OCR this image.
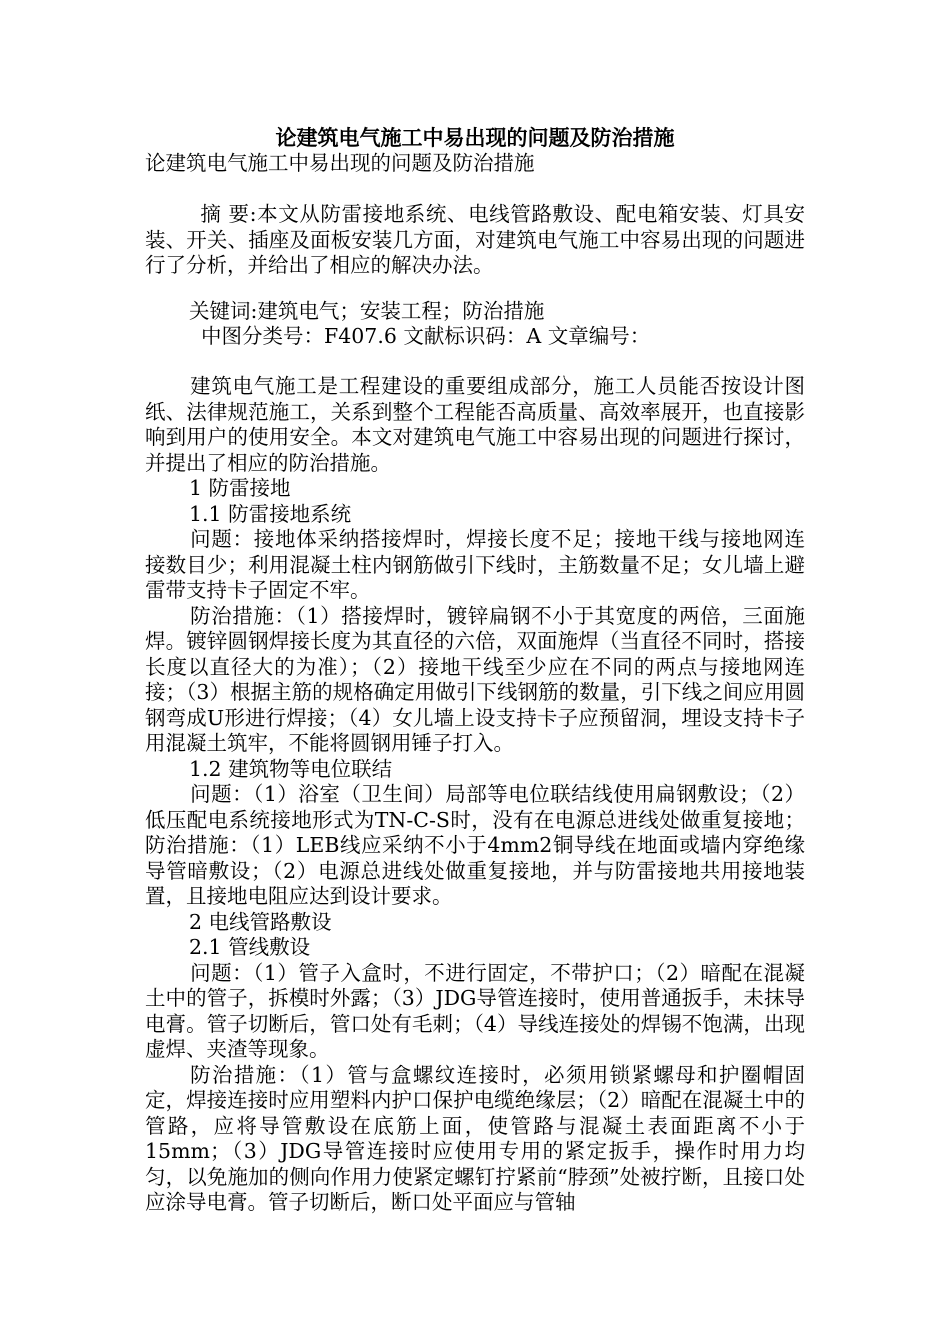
论建筑电气施工中易出现的问题及防治措施
论建筑电气施工中易出现的问题及防治措施

摘 要:本文从防雷接地系统、电线管路敷设、配电箱安装、灯具安装、开关、插座及面板安装几方面，对建筑电气施工中容易出现的问题进行了分析，并给出了相应的解决办法。

关键词:建筑电气；安装工程；防治措施
中图分类号：F407.6 文献标识码：A 文章编号：

建筑电气施工是工程建设的重要组成部分，施工人员能否按设计图纸、法律规范施工，关系到整个工程能否高质量、高效率展开，也直接影响到用户的使用安全。本文对建筑电气施工中容易出现的问题进行探讨，并提出了相应的防治措施。

1 防雷接地

1.1 防雷接地系统

问题：接地体采纳搭接焊时，焊接长度不足；接地干线与接地网连接数目少；利用混凝土柱内钢筋做引下线时，主筋数量不足；女儿墙上避雷带支持卡子固定不牢。

防治措施：（1）搭接焊时，镀锌扁钢不小于其宽度的两倍，三面施焊。镀锌圆钢焊接长度为其直径的六倍，双面施焊（当直径不同时，搭接长度以直径大的为准）；（2）接地干线至少应在不同的两点与接地网连接；（3）根据主筋的规格确定用做引下线钢筋的数量，引下线之间应用圆钢弯成U形进行焊接；（4）女儿墙上设支持卡子应预留洞，埋设支持卡子用混凝土筑牢，不能将圆钢用锤子打入。

1.2 建筑物等电位联结

问题：（1）浴室（卫生间）局部等电位联结线使用扁钢敷设；（2）低压配电系统接地形式为TN-C-S时，没有在电源总进线处做重复接地；防治措施：（1）LEB线应采纳不小于4mm2铜导线在地面或墙内穿绝缘导管暗敷设；（2）电源总进线处做重复接地，并与防雷接地共用接地装置，且接地电阻应达到设计要求。

2 电线管路敷设

2.1 管线敷设

问题：（1）管子入盒时，不进行固定，不带护口；（2）暗配在混凝土中的管子，拆模时外露；（3）JDG导管连接时，使用普通扳手，未抹导电膏。管子切断后，管口处有毛刺；（4）导线连接处的焊锡不饱满，出现虚焊、夹渣等现象。

防治措施：（1）管与盒螺纹连接时，必须用锁紧螺母和护圈帽固定，焊接连接时应用塑料内护口保护电缆绝缘层；（2）暗配在混凝土中的管路，应将导管敷设在底筋上面，使管路与混凝土表面距离不小于15mm；（3）JDG导管连接时应使用专用的紧定扳手，操作时用力均匀，以免施加的侧向作用力使紧定螺钉拧紧前“脖颈”处被拧断，且接口处应涂导电膏。管子切断后，断口处平面应与管轴
